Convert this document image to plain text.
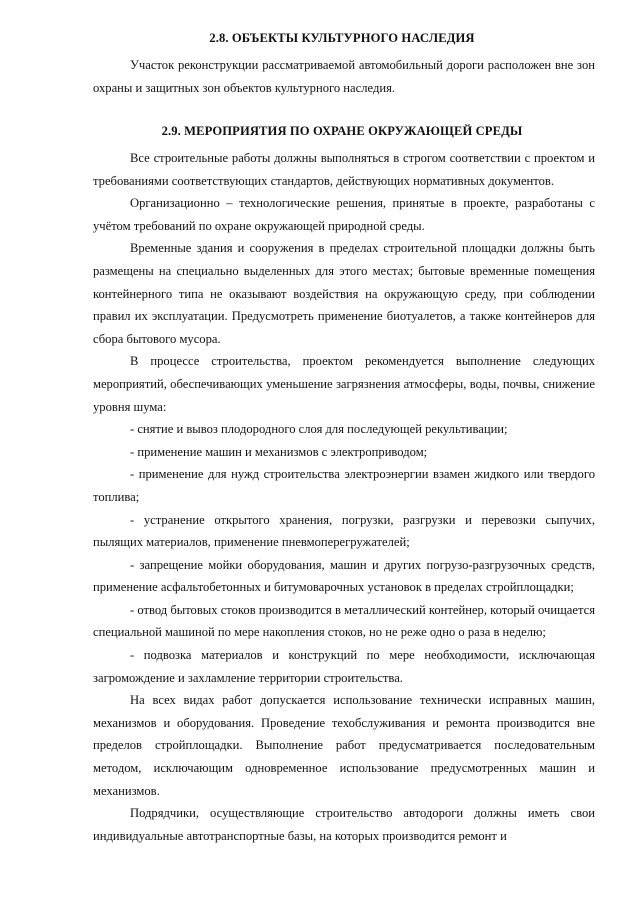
2.8. ОБЪЕКТЫ КУЛЬТУРНОГО НАСЛЕДИЯ

Участок реконструкции рассматриваемой автомобильный дороги расположен вне зон охраны и защитных зон объектов культурного наследия.

2.9. МЕРОПРИЯТИЯ ПО ОХРАНЕ ОКРУЖАЮЩЕЙ СРЕДЫ

Все строительные работы должны выполняться в строгом соответствии с проектом и требованиями соответствующих стандартов, действующих нормативных документов.

Организационно – технологические решения, принятые в проекте, разработаны с учётом требований по охране окружающей природной среды.

Временные здания и сооружения в пределах строительной площадки должны быть размещены на специально выделенных для этого местах; бытовые временные помещения контейнерного типа не оказывают воздействия на окружающую среду, при соблюдении правил их эксплуатации. Предусмотреть применение биотуалетов, а также контейнеров для сбора бытового мусора.

В процессе строительства, проектом рекомендуется выполнение следующих мероприятий, обеспечивающих уменьшение загрязнения атмосферы, воды, почвы, снижение уровня шума:

- снятие и вывоз плодородного слоя для последующей рекультивации;

- применение машин и механизмов с электроприводом;

- применение для нужд строительства электроэнергии взамен жидкого или твердого топлива;

- устранение открытого хранения, погрузки, разгрузки и перевозки сыпучих, пылящих материалов, применение пневмоперегружателей;

- запрещение мойки оборудования, машин и других погрузо-разгрузочных средств, применение асфальтобетонных и битумоварочных установок в пределах стройплощадки;

- отвод бытовых стоков производится в металлический контейнер, который очищается специальной машиной по мере накопления стоков, но не реже одно о раза в неделю;

- подвозка материалов и конструкций по мере необходимости, исключающая загромождение и захламление территории строительства.

На всех видах работ допускается использование технически исправных машин, механизмов и оборудования. Проведение техобслуживания и ремонта производится вне пределов стройплощадки. Выполнение работ предусматривается последовательным методом, исключающим одновременное использование предусмотренных машин и механизмов.

Подрядчики, осуществляющие строительство автодороги должны иметь свои индивидуальные автотранспортные базы, на которых производится ремонт и
